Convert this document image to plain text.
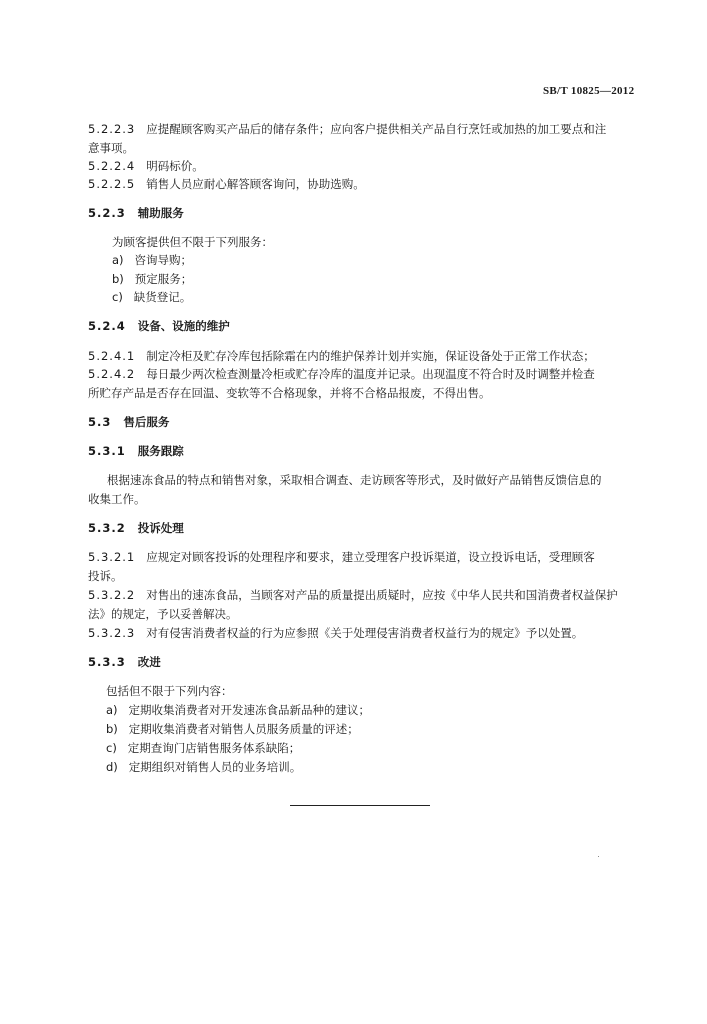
SB/T 10825—2012
5.2.2.3 应提醒顾客购买产品后的储存条件；应向客户提供相关产品自行烹饪或加热的加工要点和注
意事项。
5.2.2.4 明码标价。
5.2.2.5 销售人员应耐心解答顾客询问，协助选购。
5.2.3 辅助服务
为顾客提供但不限于下列服务：
a) 咨询导购；
b) 预定服务；
c) 缺货登记。
5.2.4 设备、设施的维护
5.2.4.1 制定冷柜及贮存冷库包括除霜在内的维护保养计划并实施，保证设备处于正常工作状态；
5.2.4.2 每日最少两次检查测量冷柜或贮存冷库的温度并记录。出现温度不符合时及时调整并检查
所贮存产品是否存在回温、变软等不合格现象，并将不合格品报废，不得出售。
5.3 售后服务
5.3.1 服务跟踪
根据速冻食品的特点和销售对象，采取相合调查、走访顾客等形式，及时做好产品销售反馈信息的
收集工作。
5.3.2 投诉处理
5.3.2.1 应规定对顾客投诉的处理程序和要求，建立受理客户投诉渠道，设立投诉电话，受理顾客
投诉。
5.3.2.2 对售出的速冻食品，当顾客对产品的质量提出质疑时，应按《中华人民共和国消费者权益保护
法》的规定，予以妥善解决。
5.3.2.3 对有侵害消费者权益的行为应参照《关于处理侵害消费者权益行为的规定》予以处置。
5.3.3 改进
包括但不限于下列内容：
a) 定期收集消费者对开发速冻食品新品种的建议；
b) 定期收集消费者对销售人员服务质量的评述；
c) 定期查询门店销售服务体系缺陷；
d) 定期组织对销售人员的业务培训。
